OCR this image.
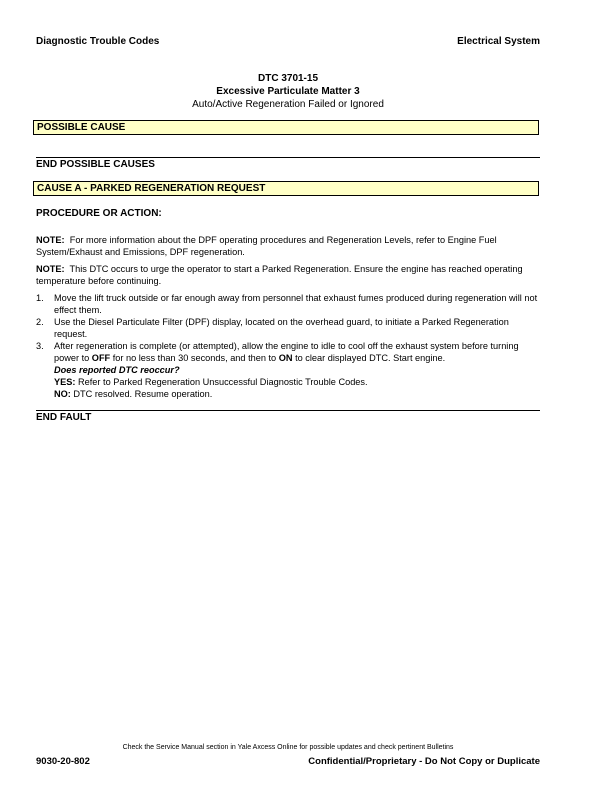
Diagnostic Trouble Codes	Electrical System
DTC 3701-15
Excessive Particulate Matter 3
Auto/Active Regeneration Failed or Ignored
POSSIBLE CAUSE
END POSSIBLE CAUSES
CAUSE A - PARKED REGENERATION REQUEST
PROCEDURE OR ACTION:
NOTE: For more information about the DPF operating procedures and Regeneration Levels, refer to Engine Fuel System/Exhaust and Emissions, DPF regeneration.
NOTE: This DTC occurs to urge the operator to start a Parked Regeneration. Ensure the engine has reached operating temperature before continuing.
1. Move the lift truck outside or far enough away from personnel that exhaust fumes produced during regeneration will not effect them.
2. Use the Diesel Particulate Filter (DPF) display, located on the overhead guard, to initiate a Parked Regeneration request.
3. After regeneration is complete (or attempted), allow the engine to idle to cool off the exhaust system before turning power to OFF for no less than 30 seconds, and then to ON to clear displayed DTC. Start engine.
Does reported DTC reoccur?
YES: Refer to Parked Regeneration Unsuccessful Diagnostic Trouble Codes.
NO: DTC resolved. Resume operation.
END FAULT
Check the Service Manual section in Yale Axcess Online for possible updates and check pertinent Bulletins
9030-20-802	Confidential/Proprietary - Do Not Copy or Duplicate
